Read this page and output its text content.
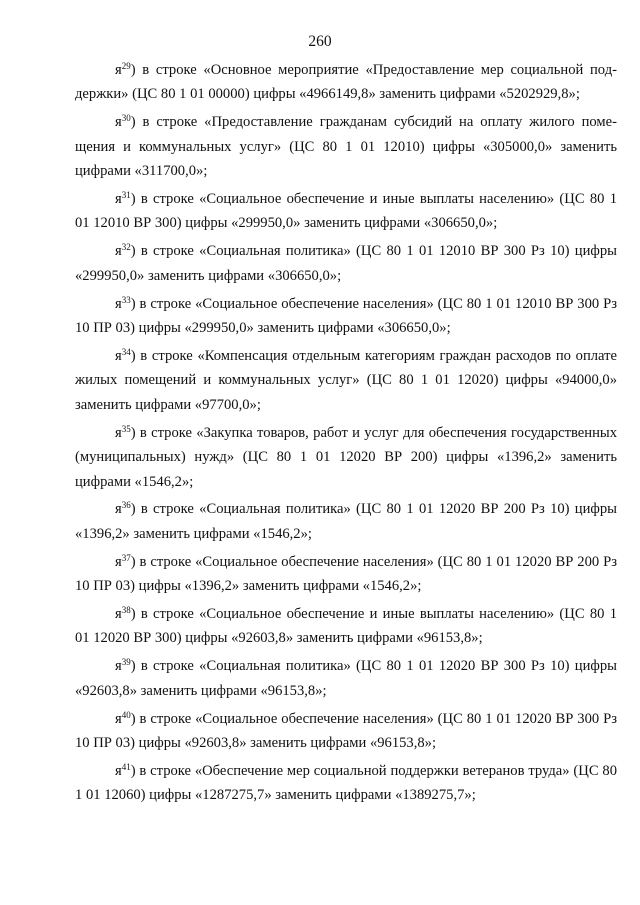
260

$я^{29}$) в строке «Основное мероприятие «Предоставление мер социальной поддержки» (ЦС 80 1 01 00000) цифры «4966149,8» заменить цифрами «5202929,8»;

$я^{30}$) в строке «Предоставление гражданам субсидий на оплату жилого помещения и коммунальных услуг» (ЦС 80 1 01 12010) цифры «305000,0» заменить цифрами «311700,0»;

$я^{31}$) в строке «Социальное обеспечение и иные выплаты населению» (ЦС 80 1 01 12010 ВР 300) цифры «299950,0» заменить цифрами «306650,0»;

$я^{32}$) в строке «Социальная политика» (ЦС 80 1 01 12010 ВР 300 Рз 10) цифры «299950,0» заменить цифрами «306650,0»;

$я^{33}$) в строке «Социальное обеспечение населения» (ЦС 80 1 01 12010 ВР 300 Рз 10 ПР 03) цифры «299950,0» заменить цифрами «306650,0»;

$я^{34}$) в строке «Компенсация отдельным категориям граждан расходов по оплате жилых помещений и коммунальных услуг» (ЦС 80 1 01 12020) цифры «94000,0» заменить цифрами «97700,0»;

$я^{35}$) в строке «Закупка товаров, работ и услуг для обеспечения государственных (муниципальных) нужд» (ЦС 80 1 01 12020 ВР 200) цифры «1396,2» заменить цифрами «1546,2»;

$я^{36}$) в строке «Социальная политика» (ЦС 80 1 01 12020 ВР 200 Рз 10) цифры «1396,2» заменить цифрами «1546,2»;

$я^{37}$) в строке «Социальное обеспечение населения» (ЦС 80 1 01 12020 ВР 200 Рз 10 ПР 03) цифры «1396,2» заменить цифрами «1546,2»;

$я^{38}$) в строке «Социальное обеспечение и иные выплаты населению» (ЦС 80 1 01 12020 ВР 300) цифры «92603,8» заменить цифрами «96153,8»;

$я^{39}$) в строке «Социальная политика» (ЦС 80 1 01 12020 ВР 300 Рз 10) цифры «92603,8» заменить цифрами «96153,8»;

$я^{40}$) в строке «Социальное обеспечение населения» (ЦС 80 1 01 12020 ВР 300 Рз 10 ПР 03) цифры «92603,8» заменить цифрами «96153,8»;

$я^{41}$) в строке «Обеспечение мер социальной поддержки ветеранов труда» (ЦС 80 1 01 12060) цифры «1287275,7» заменить цифрами «1389275,7»;
